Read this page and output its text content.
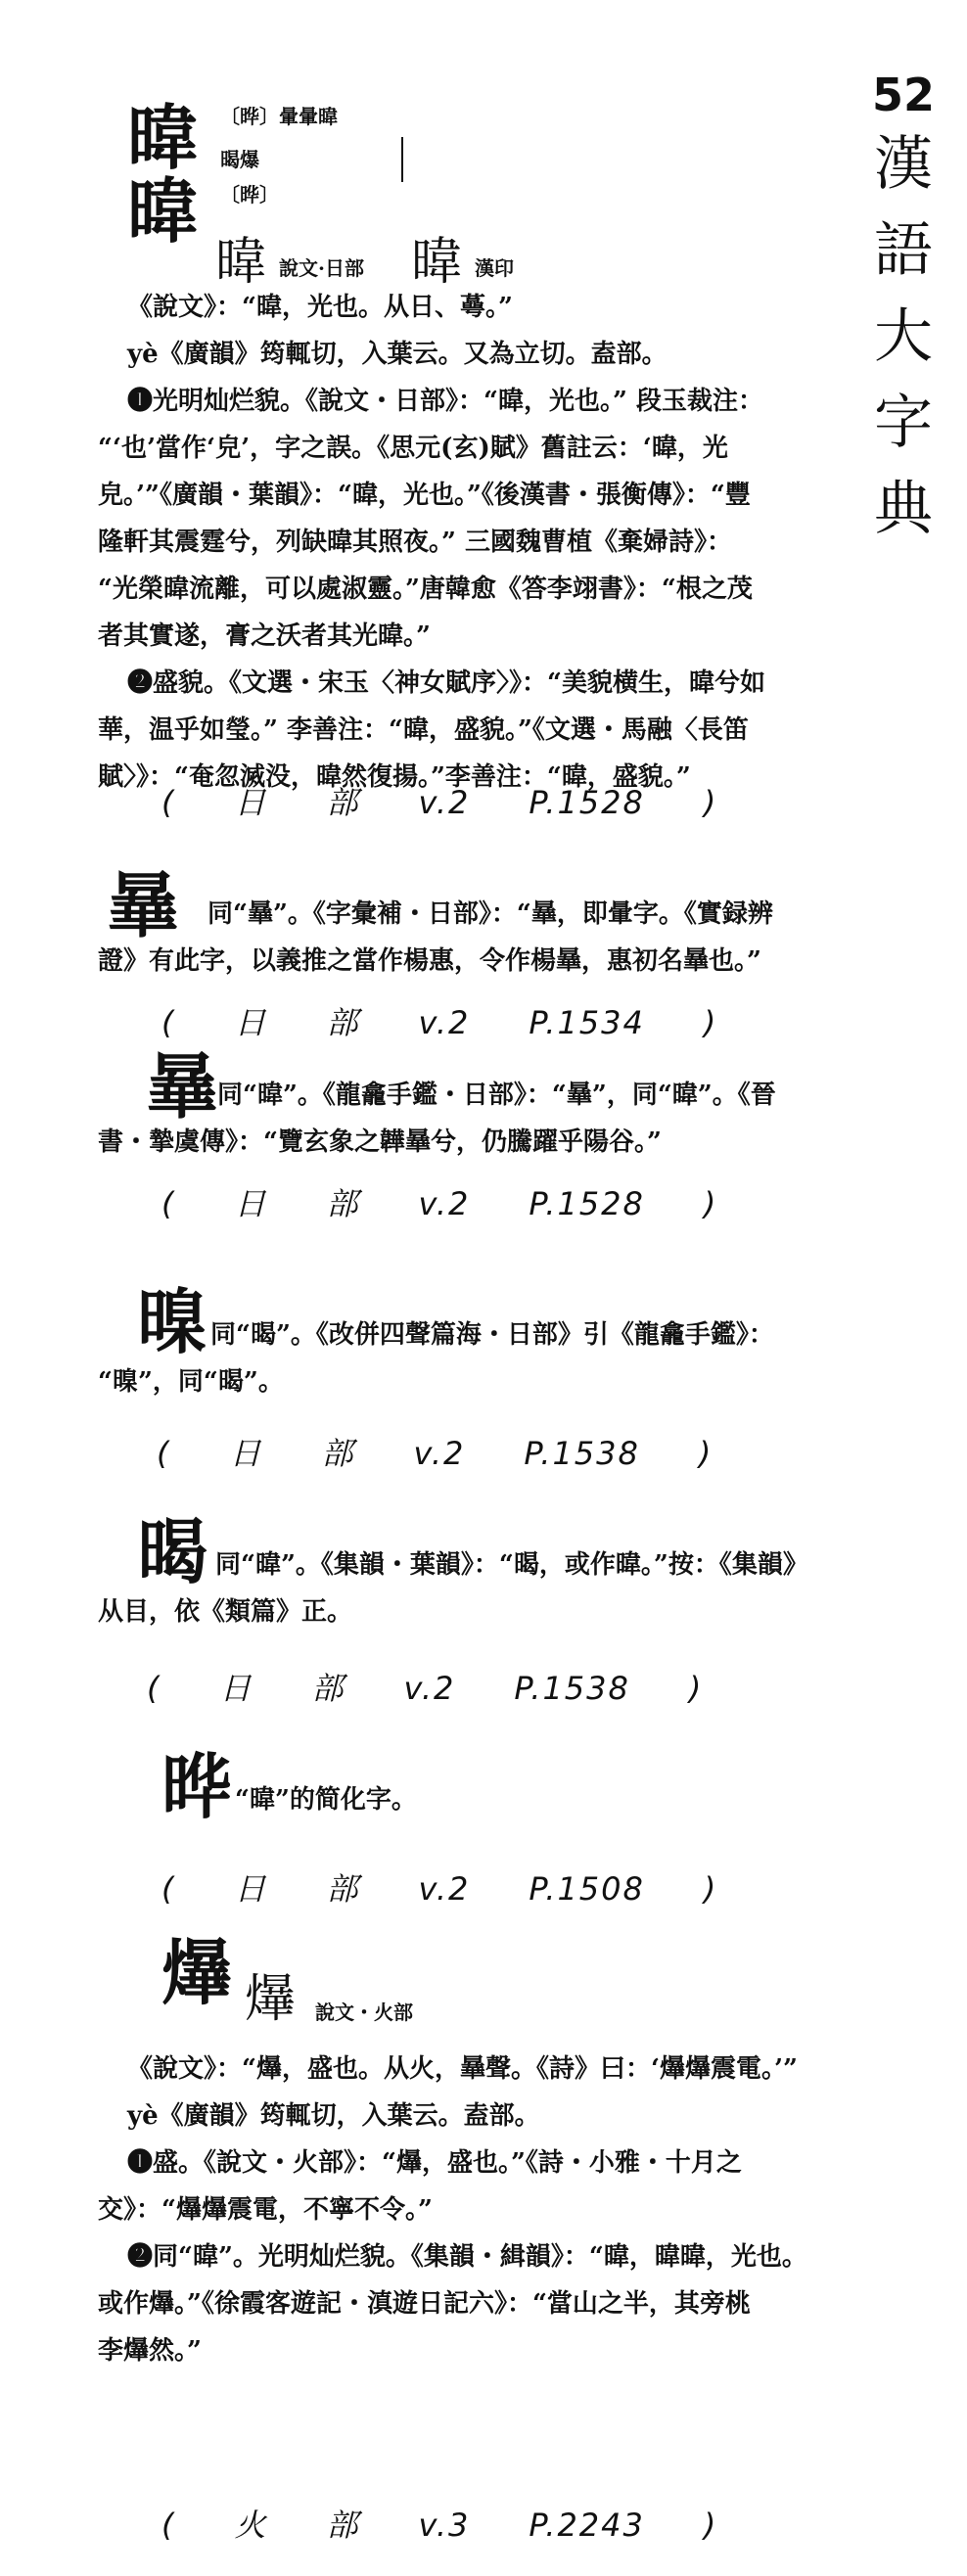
52
漢
語
大
字
典
暐
暐
〔晔〕暈暈暐
暍爆
〔晔〕
暐 說文·日部 暐 漢印
《說文》：“暐，光也。从日、蕚。”
yè《廣韻》筠輒切，入葉云。又為立切。盍部。
❶光明灿烂貌。《說文・日部》：“暐，光也。” 段玉裁注：
“‘也’當作‘皃’，字之誤。《思元(玄)賦》舊註云：‘暐，光
皃。’”《廣韻・葉韻》：“暐，光也。”《後漢書・張衡傳》：“豐
隆軒其震霆兮，列缺暐其照夜。” 三國魏曹植《棄婦詩》：
“光榮暐流離，可以處淑靈。”唐韓愈《答李翊書》：“根之茂
者其實遂，膏之沃者其光暐。”
❷盛貌。《文選・宋玉〈神女賦序〉》：“美貌横生，暐兮如
華，温乎如瑩。” 李善注：“暐，盛貌。”《文選・馬融〈長笛
賦〉》：“奄忽滅没，暐然復揚。”李善注：“暐，盛貌。”
( 日 部 v.2 P.1528 )
曅	同“曅”。《字彙補・日部》：“曅，即暈字。《實録辨
證》有此字，以義推之當作楊惠，令作楊曅，惠初名曅也。”
( 日 部 v.2 P.1534 )
曅 同“暐”。《龍龕手鑑・日部》：“曅”，同“暐”。《晉
書・摯虞傳》：“覽玄象之韡曅兮，仍騰躍乎陽谷。”
( 日 部 v.2 P.1528 )
暞 同“暍”。《改併四聲篇海・日部》引《龍龕手鑑》：
“暞”，同“暍”。
( 日 部 v.2 P.1538 )
暍 同“暐”。《集韻・葉韻》：“暍，或作暐。”按：《集韻》
从目，依《類篇》正。
( 日 部 v.2 P.1538 )
晔 “暐”的简化字。
( 日 部 v.2 P.1508 )
爗 爗 說文・火部
《說文》：“爗，盛也。从火，曅聲。《詩》曰：‘爗爗震電。’”
yè《廣韻》筠輒切，入葉云。盍部。
❶盛。《說文・火部》：“爗，盛也。”《詩・小雅・十月之
交》：“爗爗震電，不寧不令。”
❷同“暐”。光明灿烂貌。《集韻・緝韻》：“暐，暐暐，光也。
或作爗。”《徐霞客遊記・滇遊日記六》：“當山之半，其旁桃
李爗然。”
( 火 部 v.3 P.2243 )
